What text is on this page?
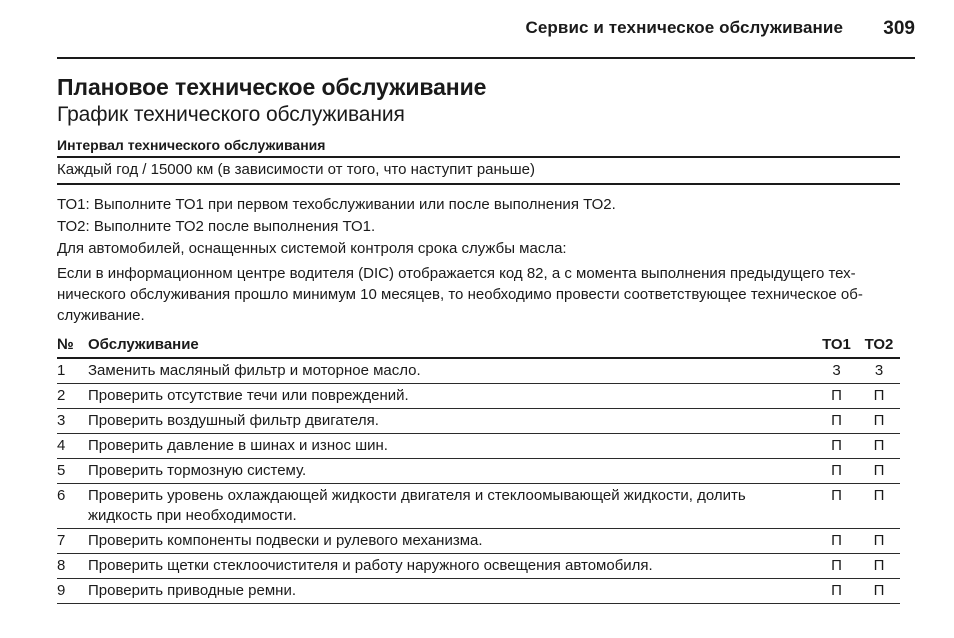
Сервис и техническое обслуживание	309
Плановое техническое обслуживание
График технического обслуживания
Интервал технического обслуживания
Каждый год / 15000 км (в зависимости от того, что наступит раньше)
ТО1: Выполните ТО1 при первом техобслуживании или после выполнения ТО2.
ТО2: Выполните ТО2 после выполнения ТО1.
Для автомобилей, оснащенных системой контроля срока службы масла:
Если в информационном центре водителя (DIC) отображается код 82, а с момента выполнения предыдущего тех-
нического обслуживания прошло минимум 10 месяцев, то необходимо провести соответствующее техническое об-
служивание.
№	Обслуживание	ТО1	ТО2
1	Заменить масляный фильтр и моторное масло.	3	3
2	Проверить отсутствие течи или повреждений.	П	П
3	Проверить воздушный фильтр двигателя.	П	П
4	Проверить давление в шинах и износ шин.	П	П
5	Проверить тормозную систему.	П	П
6	Проверить уровень охлаждающей жидкости двигателя и стеклоомывающей жидкости, долить
жидкость при необходимости.	П	П
7	Проверить компоненты подвески и рулевого механизма.	П	П
8	Проверить щетки стеклоочистителя и работу наружного освещения автомобиля.	П	П
9	Проверить приводные ремни.	П	П
